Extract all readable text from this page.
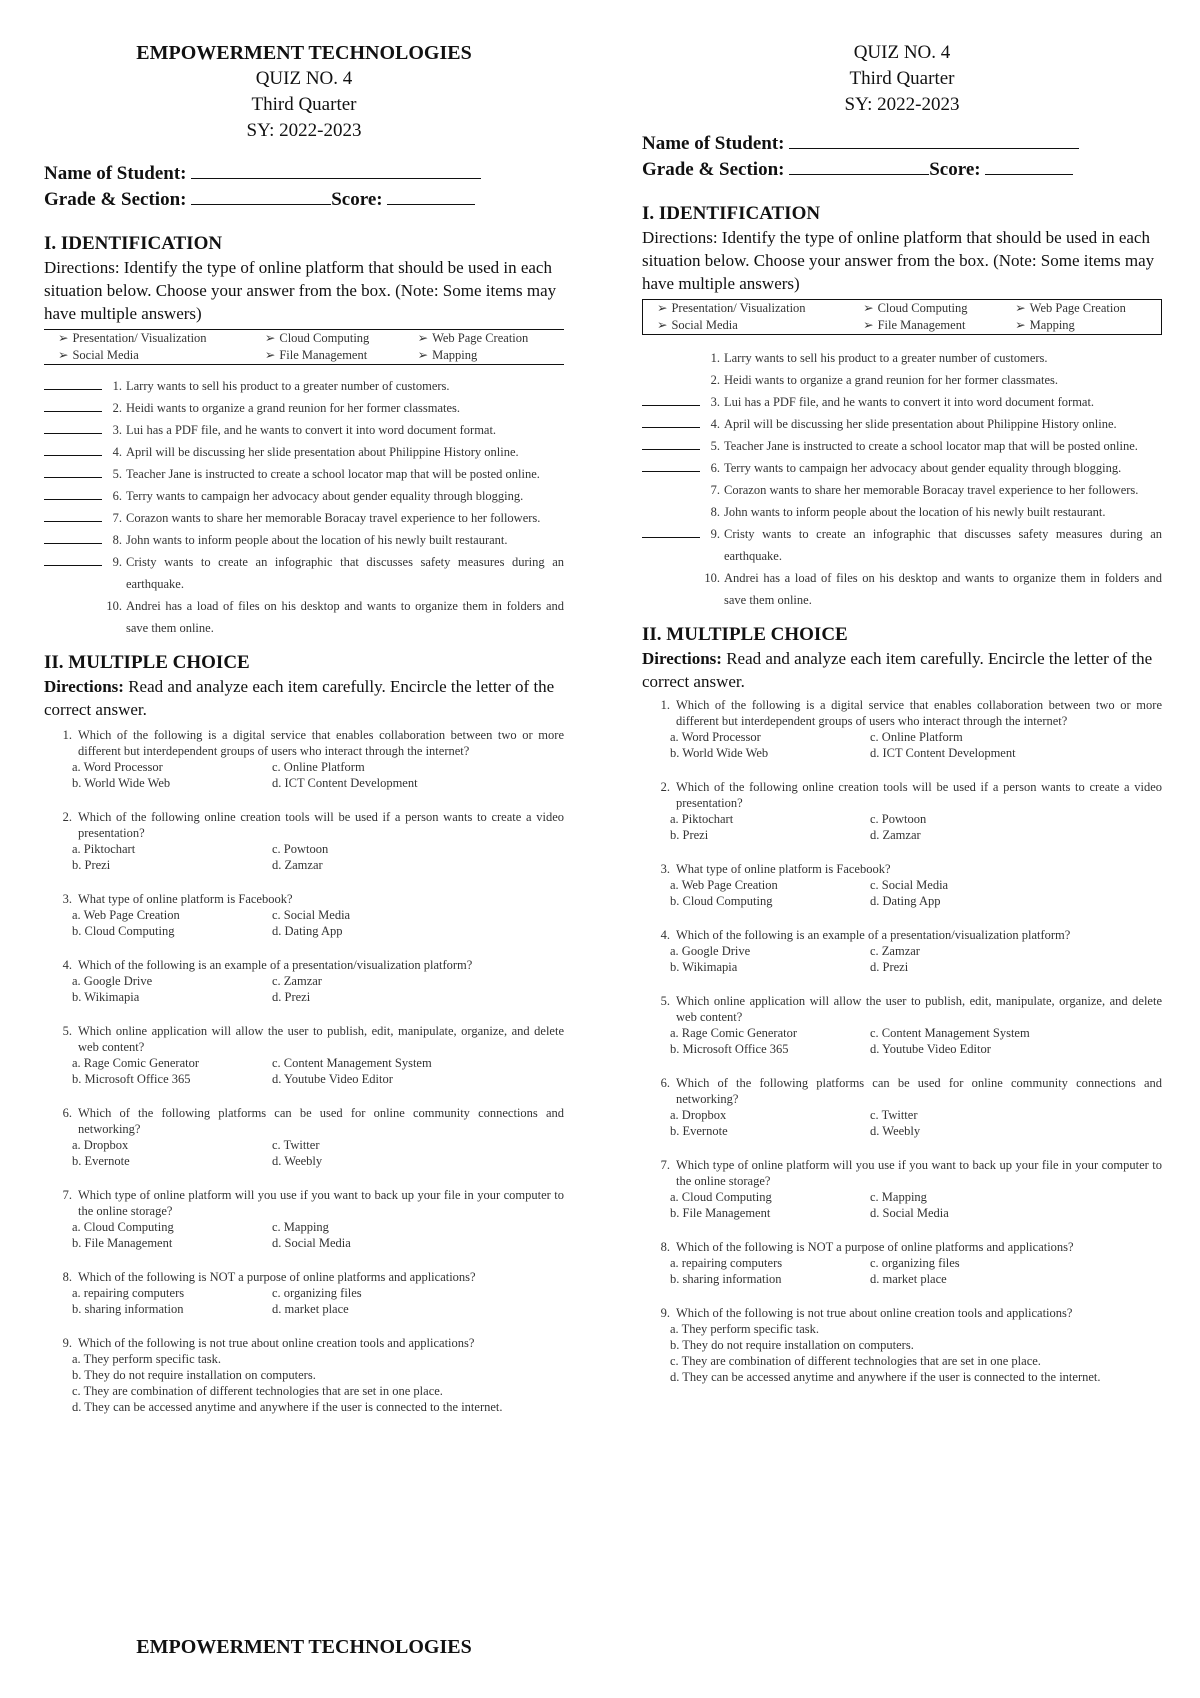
EMPOWERMENT TECHNOLOGIES
QUIZ NO. 4
Third Quarter
SY: 2022-2023
Name of Student:
Grade & Section:	Score:
I. IDENTIFICATION
Directions: Identify the type of online platform that should be used in each situation below. Choose your answer from the box. (Note: Some items may have multiple answers)
➢ Presentation/ Visualization	➢ Cloud Computing	➢ Web Page Creation
➢ Social Media	➢ File Management	➢ Mapping
1. Larry wants to sell his product to a greater number of customers.
2. Heidi wants to organize a grand reunion for her former classmates.
3. Lui has a PDF file, and he wants to convert it into word document format.
4. April will be discussing her slide presentation about Philippine History online.
5. Teacher Jane is instructed to create a school locator map that will be posted online.
6. Terry wants to campaign her advocacy about gender equality through blogging.
7. Corazon wants to share her memorable Boracay travel experience to her followers.
8. John wants to inform people about the location of his newly built restaurant.
9. Cristy wants to create an infographic that discusses safety measures during an earthquake.
10. Andrei has a load of files on his desktop and wants to organize them in folders and save them online.
II. MULTIPLE CHOICE
Directions: Read and analyze each item carefully. Encircle the letter of the correct answer.
1. Which of the following is a digital service that enables collaboration between two or more different but interdependent groups of users who interact through the internet?
a. Word Processor	c. Online Platform
b. World Wide Web	d. ICT Content Development
2. Which of the following online creation tools will be used if a person wants to create a video presentation?
a. Piktochart	c. Powtoon
b. Prezi	d. Zamzar
3. What type of online platform is Facebook?
a. Web Page Creation	c. Social Media
b. Cloud Computing	d. Dating App
4. Which of the following is an example of a presentation/visualization platform?
a. Google Drive	c. Zamzar
b. Wikimapia	d. Prezi
5. Which online application will allow the user to publish, edit, manipulate, organize, and delete web content?
a. Rage Comic Generator	c. Content Management System
b. Microsoft Office 365	d. Youtube Video Editor
6. Which of the following platforms can be used for online community connections and networking?
a. Dropbox	c. Twitter
b. Evernote	d. Weebly
7. Which type of online platform will you use if you want to back up your file in your computer to the online storage?
a. Cloud Computing	c. Mapping
b. File Management	d. Social Media
8. Which of the following is NOT a purpose of online platforms and applications?
a. repairing computers	c. organizing files
b. sharing information	d. market place
9. Which of the following is not true about online creation tools and applications?
a. They perform specific task.
b. They do not require installation on computers.
c. They are combination of different technologies that are set in one place.
d. They can be accessed anytime and anywhere if the user is connected to the internet.
EMPOWERMENT TECHNOLOGIES
QUIZ NO. 4
Third Quarter
SY: 2022-2023
Name of Student:
Grade & Section:	Score:
I. IDENTIFICATION
Directions: Identify the type of online platform that should be used in each situation below. Choose your answer from the box. (Note: Some items may have multiple answers)
➢ Presentation/ Visualization	➢ Cloud Computing	➢ Web Page Creation
➢ Social Media	➢ File Management	➢ Mapping
1. Larry wants to sell his product to a greater number of customers.
2. Heidi wants to organize a grand reunion for her former classmates.
3. Lui has a PDF file, and he wants to convert it into word document format.
4. April will be discussing her slide presentation about Philippine History online.
5. Teacher Jane is instructed to create a school locator map that will be posted online.
6. Terry wants to campaign her advocacy about gender equality through blogging.
7. Corazon wants to share her memorable Boracay travel experience to her followers.
8. John wants to inform people about the location of his newly built restaurant.
9. Cristy wants to create an infographic that discusses safety measures during an earthquake.
10. Andrei has a load of files on his desktop and wants to organize them in folders and save them online.
II. MULTIPLE CHOICE
Directions: Read and analyze each item carefully. Encircle the letter of the correct answer.
1. Which of the following is a digital service that enables collaboration between two or more different but interdependent groups of users who interact through the internet?
a. Word Processor	c. Online Platform
b. World Wide Web	d. ICT Content Development
2. Which of the following online creation tools will be used if a person wants to create a video presentation?
a. Piktochart	c. Powtoon
b. Prezi	d. Zamzar
3. What type of online platform is Facebook?
a. Web Page Creation	c. Social Media
b. Cloud Computing	d. Dating App
4. Which of the following is an example of a presentation/visualization platform?
a. Google Drive	c. Zamzar
b. Wikimapia	d. Prezi
5. Which online application will allow the user to publish, edit, manipulate, organize, and delete web content?
a. Rage Comic Generator	c. Content Management System
b. Microsoft Office 365	d. Youtube Video Editor
6. Which of the following platforms can be used for online community connections and networking?
a. Dropbox	c. Twitter
b. Evernote	d. Weebly
7. Which type of online platform will you use if you want to back up your file in your computer to the online storage?
a. Cloud Computing	c. Mapping
b. File Management	d. Social Media
8. Which of the following is NOT a purpose of online platforms and applications?
a. repairing computers	c. organizing files
b. sharing information	d. market place
9. Which of the following is not true about online creation tools and applications?
a. They perform specific task.
b. They do not require installation on computers.
c. They are combination of different technologies that are set in one place.
d. They can be accessed anytime and anywhere if the user is connected to the internet.
